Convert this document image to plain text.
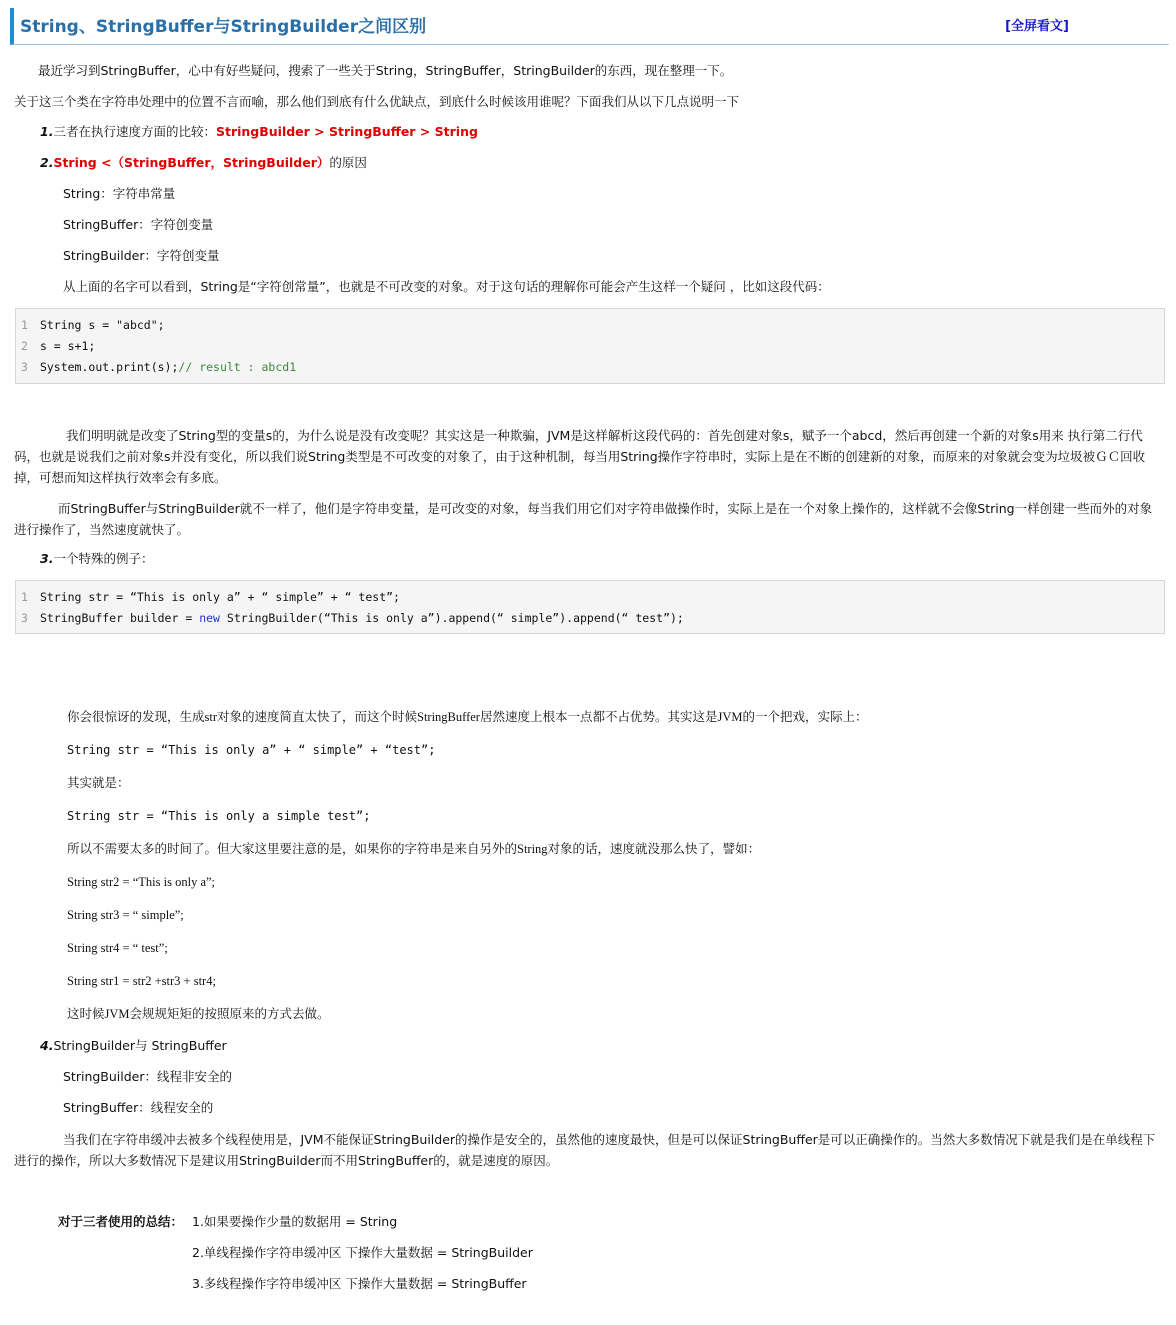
String、StringBuffer与StringBuilder之间区别	[全屏看文]
最近学习到StringBuffer，心中有好些疑问，搜索了一些关于String，StringBuffer，StringBuilder的东西，现在整理一下。
关于这三个类在字符串处理中的位置不言而喻，那么他们到底有什么优缺点，到底什么时候该用谁呢？下面我们从以下几点说明一下
1.三者在执行速度方面的比较：StringBuilder > StringBuffer > String
2.String <（StringBuffer，StringBuilder）的原因
String：字符串常量
StringBuffer：字符创变量
StringBuilder：字符创变量
从上面的名字可以看到，String是“字符创常量”，也就是不可改变的对象。对于这句话的理解你可能会产生这样一个疑问 ，比如这段代码：
1 String s = "abcd";
2 s = s+1;
3 System.out.print(s);// result : abcd1
我们明明就是改变了String型的变量s的，为什么说是没有改变呢？其实这是一种欺骗，JVM是这样解析这段代码的：首先创建对象s，赋予一个abcd，然后再创建一个新的对象s用来 执行第二行代码，也就是说我们之前对象s并没有变化，所以我们说String类型是不可改变的对象了，由于这种机制，每当用String操作字符串时，实际上是在不断的创建新的对象，而原来的对象就会变为垃圾被ＧＣ回收掉，可想而知这样执行效率会有多底。
而StringBuffer与StringBuilder就不一样了，他们是字符串变量，是可改变的对象，每当我们用它们对字符串做操作时，实际上是在一个对象上操作的，这样就不会像String一样创建一些而外的对象进行操作了，当然速度就快了。
3.一个特殊的例子：
1 String str = “This is only a” + “ simple” + “ test”;
3 StringBuffer builder = new StringBuilder(“This is only a”).append(“ simple”).append(“ test”);
你会很惊讶的发现，生成str对象的速度简直太快了，而这个时候StringBuffer居然速度上根本一点都不占优势。其实这是JVM的一个把戏，实际上：
String str = “This is only a” + “ simple” + “test”;
其实就是：
String str = “This is only a simple test”;
所以不需要太多的时间了。但大家这里要注意的是，如果你的字符串是来自另外的String对象的话，速度就没那么快了，譬如：
String str2 = “This is only a”;
String str3 = “ simple”;
String str4 = “ test”;
String str1 = str2 +str3 + str4;
这时候JVM会规规矩矩的按照原来的方式去做。
4.StringBuilder与 StringBuffer
StringBuilder：线程非安全的
StringBuffer：线程安全的
当我们在字符串缓冲去被多个线程使用是，JVM不能保证StringBuilder的操作是安全的，虽然他的速度最快，但是可以保证StringBuffer是可以正确操作的。当然大多数情况下就是我们是在单线程下进行的操作，所以大多数情况下是建议用StringBuilder而不用StringBuffer的，就是速度的原因。
对于三者使用的总结： 1.如果要操作少量的数据用 = String
2.单线程操作字符串缓冲区 下操作大量数据 = StringBuilder
3.多线程操作字符串缓冲区 下操作大量数据 = StringBuffer
